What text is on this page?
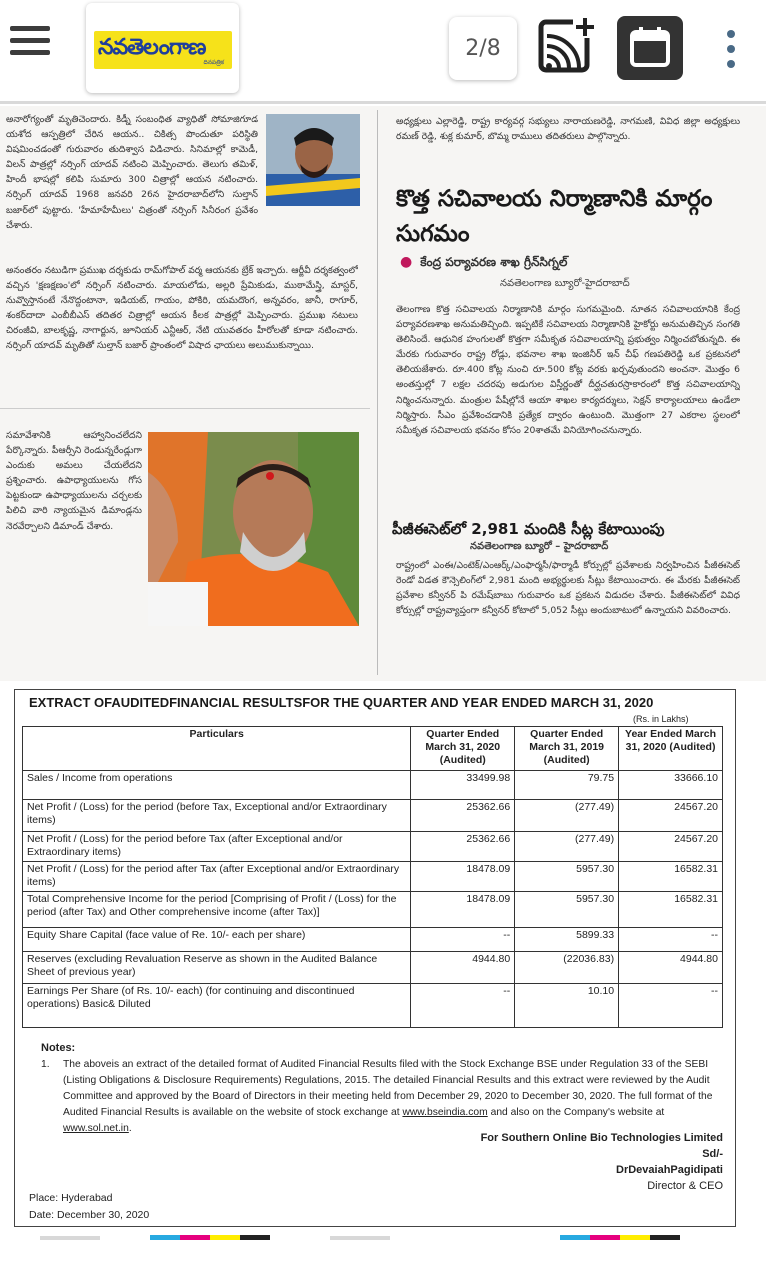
నవతెలంగాణ
దినపత్రిక
2/8
అనారోగ్యంతో మృతిచెందారు. కిడ్నీ సంబంధిత వ్యాధితో సోమాజిగూడ యశోద ఆస్పత్రిలో చేరిన ఆయన.. చికిత్స పొందుతూ పరిస్థితి విషమించడంతో గురువారం తుదిశ్వాస విడిచారు. సినిమాల్లో కామెడీ, విలన్ పాత్రల్లో నర్సింగ్ యాదవ్ నటించి మెప్పించారు. తెలుగు తమిళ్, హిందీ భాషల్లో కలిపి సుమారు 300 చిత్రాల్లో ఆయన నటించారు. నర్సింగ్ యాదవ్ 1968 జనవరి 26న హైదరాబాద్‌లోని సుల్తాన్ బజార్‌లో పుట్టారు. 'హేమాహేమీలు' చిత్రంతో నర్సింగ్ సినీరంగ ప్రవేశం చేశారు.
అనంతరం నటుడిగా ప్రముఖ దర్శకుడు రామ్‌గోపాల్ వర్మ ఆయనకు బ్రేక్ ఇచ్చారు. ఆర్జీవీ దర్శకత్వంలో వచ్చిన 'క్షణక్షణం'లో నర్సింగ్ నటించారు. మాయలోడు, అల్లరి ప్రేమికుడు, ముఠామేస్త్రి, మాస్టర్, నువ్వొస్తానంటే నేనొద్దంటానా, ఇడియట్, గాయం, పోకిరి, యమదొంగ, అన్నవరం, జానీ, రాగూర్, శంకర్‌దాదా ఎంబీబీఎస్ తదితర చిత్రాల్లో ఆయన కీలక పాత్రల్లో మెప్పించారు. ప్రముఖ నటులు చిరంజీవి, బాలకృష్ణ, నాగార్జున, జూనియర్ ఎన్టీఆర్, నేటి యువతరం హీరోలతో కూడా నటించారు. నర్సింగ్ యాదవ్ మృతితో సుల్తాన్ బజార్ ప్రాంతంలో విషాద ఛాయలు అలుముకున్నాయి.
సమావేశానికి ఆహ్వానించలేదని పేర్కొన్నారు. పీఆర్సీని రెండున్నరేండ్లుగా ఎందుకు అమలు చేయలేదని ప్రశ్నించారు. ఉపాధ్యాయులను గోస పెట్టకుండా ఉపాధ్యాయులను చర్చలకు పిలిచి వారి న్యాయమైన డిమాండ్లను నెరవేర్చాలని డిమాండ్ చేశారు.
అధ్యక్షులు ఎల్లారెడ్డి, రాష్ట్ర కార్యవర్గ సభ్యులు నారాయణరెడ్డి, నాగమణి, వివిధ జిల్లా అధ్యక్షులు రమణ్ రెడ్డి, శుక్ల కుమార్, బొమ్మ రాములు తదితరులు పాల్గొన్నారు.
కొత్త సచివాలయ నిర్మాణానికి మార్గం సుగమం
● కేంద్ర పర్యావరణ శాఖ గ్రీన్‌సిగ్నల్
నవతెలంగాణ బ్యూరో-హైదరాబాద్
తెలంగాణ కొత్త సచివాలయ నిర్మాణానికి మార్గం సుగమమైంది. నూతన సచివాలయానికి కేంద్ర పర్యావరణశాఖ అనుమతిచ్చింది. ఇప్పటికే సచివాలయ నిర్మాణానికి హైకోర్టు అనుమతిచ్చిన సంగతి తెలిసిందే. ఆధునిక హంగులతో కొత్తగా సమీకృత సచివాలయాన్ని ప్రభుత్వం నిర్మించబోతున్నది. ఈ మేరకు గురువారం రాష్ట్ర రోడ్లు, భవనాల శాఖ ఇంజినీర్ ఇన్ చీఫ్ గణపతిరెడ్డి ఒక ప్రకటనలో తెలియజేశారు. రూ.400 కోట్ల నుంచి రూ.500 కోట్ల వరకు ఖర్చవుతుందని అంచనా. మొత్తం 6 అంతస్తుల్లో 7 లక్షల చదరపు అడుగుల విస్తీర్ణంతో దీర్ఘచతురస్రాకారంలో కొత్త సచివాలయాన్ని నిర్మించనున్నారు. మంత్రుల పేషీల్లోనే ఆయా శాఖల కార్యదర్శులు, సెక్షన్ కార్యాలయాలు ఉండేలా నిర్మిస్తారు. సీఎం ప్రవేశించడానికి ప్రత్యేక ద్వారం ఉంటుంది. మొత్తంగా 27 ఎకరాల స్థలంలో సమీకృత సచివాలయ భవనం కోసం 20శాతమే వినియోగించనున్నారు.
పీజీఈసెట్‌లో 2,981 మందికి సీట్ల కేటాయింపు
నవతెలంగాణ బ్యూరో – హైదరాబాద్
రాష్ట్రంలో ఎంఈ/ఎంటెక్/ఎంఆర్క్/ఎంఫార్మసీ/ఫార్మాడీ కోర్సుల్లో ప్రవేశాలకు నిర్వహించిన పీజీఈసెట్ రెండో విడత కౌన్సెలింగ్‌లో 2,981 మంది అభ్యర్థులకు సీట్లు కేటాయించారు. ఈ మేరకు పీజీఈసెట్ ప్రవేశాల కన్వీనర్ పి రమేష్‌బాబు గురువారం ఒక ప్రకటన విడుదల చేశారు. పీజీఈసెట్‌లో వివిధ కోర్సుల్లో రాష్ట్రవ్యాప్తంగా కన్వీనర్ కోటాలో 5,052 సీట్లు అందుబాటులో ఉన్నాయని వివరించారు.
EXTRACT OFAUDITEDFINANCIAL RESULTSFOR THE QUARTER AND YEAR ENDED MARCH 31, 2020
(Rs. in Lakhs)
Particulars	Quarter Ended March 31, 2020 (Audited)	Quarter Ended March 31, 2019 (Audited)	Year Ended March 31, 2020 (Audited)
Sales / Income from operations	33499.98	79.75	33666.10
Net Profit / (Loss) for the period (before Tax, Exceptional and/or Extraordinary items)	25362.66	(277.49)	24567.20
Net Profit / (Loss) for the period before Tax (after Exceptional and/or Extraordinary items)	25362.66	(277.49)	24567.20
Net Profit / (Loss) for the period after Tax (after Exceptional and/or Extraordinary items)	18478.09	5957.30	16582.31
Total Comprehensive Income for the period [Comprising of Profit / (Loss) for the period (after Tax) and Other comprehensive income (after Tax)]	18478.09	5957.30	16582.31
Equity Share Capital (face value of Re. 10/- each per share)	--	5899.33	--
Reserves (excluding Revaluation Reserve as shown in the Audited Balance Sheet of previous year)	4944.80	(22036.83)	4944.80
Earnings Per Share (of Rs. 10/- each) (for continuing and discontinued operations) Basic& Diluted	--	10.10	--
Notes:
1.	The aboveis an extract of the detailed format of Audited Financial Results filed with the Stock Exchange BSE under Regulation 33 of the SEBI (Listing Obligations & Disclosure Requirements) Regulations, 2015. The detailed Financial Results and this extract were reviewed by the Audit Committee and approved by the Board of Directors in their meeting held from December 29, 2020 to December 30, 2020. The full format of the Audited Financial Results is available on the website of stock exchange at www.bseindia.com and also on the Company's website at www.sol.net.in.
For Southern Online Bio Technologies Limited
Sd/-
DrDevaiahPagidipati
Director & CEO
Place: Hyderabad
Date: December 30, 2020
